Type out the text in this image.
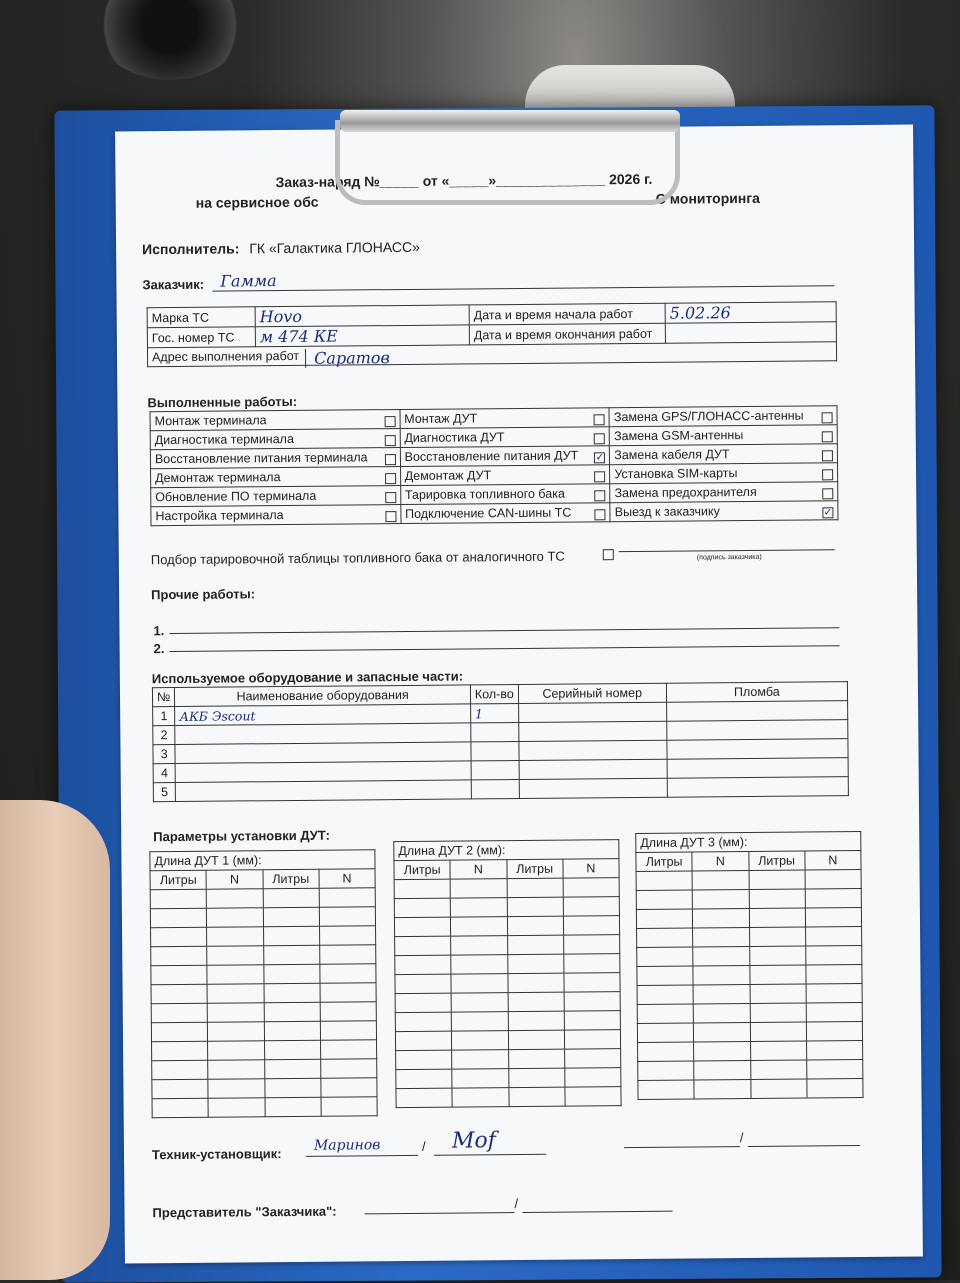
Заказ-наряд №_____ от «_____»______________ 2026 г.
на сервисное обс	С мониторинга
Исполнитель: ГК «Галактика ГЛОНАСС»
Заказчик: Гамма
Марка ТС	Hovo	Дата и время начала работ	5.02.26
Гос. номер ТС	м 474 КЕ	Дата и время окончания работ	
Адрес выполнения работ Саратов			
Выполненные работы:
Монтаж терминала	Монтаж ДУТ	Замена GPS/ГЛОНАСС-антенны

Диагностика терминала	Диагностика ДУТ	Замена GSM-антенны

Восстановление питания терминала	Восстановление питания ДУТ ✓	Замена кабеля ДУТ

Демонтаж терминала	Демонтаж ДУТ	Установка SIM-карты

Обновление ПО терминала	Тарировка топливного бака	Замена предохранителя

Настройка терминала	Подключение CAN-шины ТС	Выезд к заказчику ✓
Подбор тарировочной таблицы топливного бака от аналогичного ТС	(подпись заказчика)
Прочие работы:
1.
2.
Используемое оборудование и запасные части:
№	Наименование оборудования	Кол-во	Серийный номер	Пломба
1	АКБ Эscout	1		
2				
3				
4				
5				
Параметры установки ДУТ:
Длина ДУТ 1 (мм):			
Литры	N	Литры	N

Длина ДУТ 2 (мм):			
Литры	N	Литры	N

Длина ДУТ 3 (мм):			
Литры	N	Литры	N

Техник-установщик:
Маринов	/ Mof	/
Представитель "Заказчика":
/
